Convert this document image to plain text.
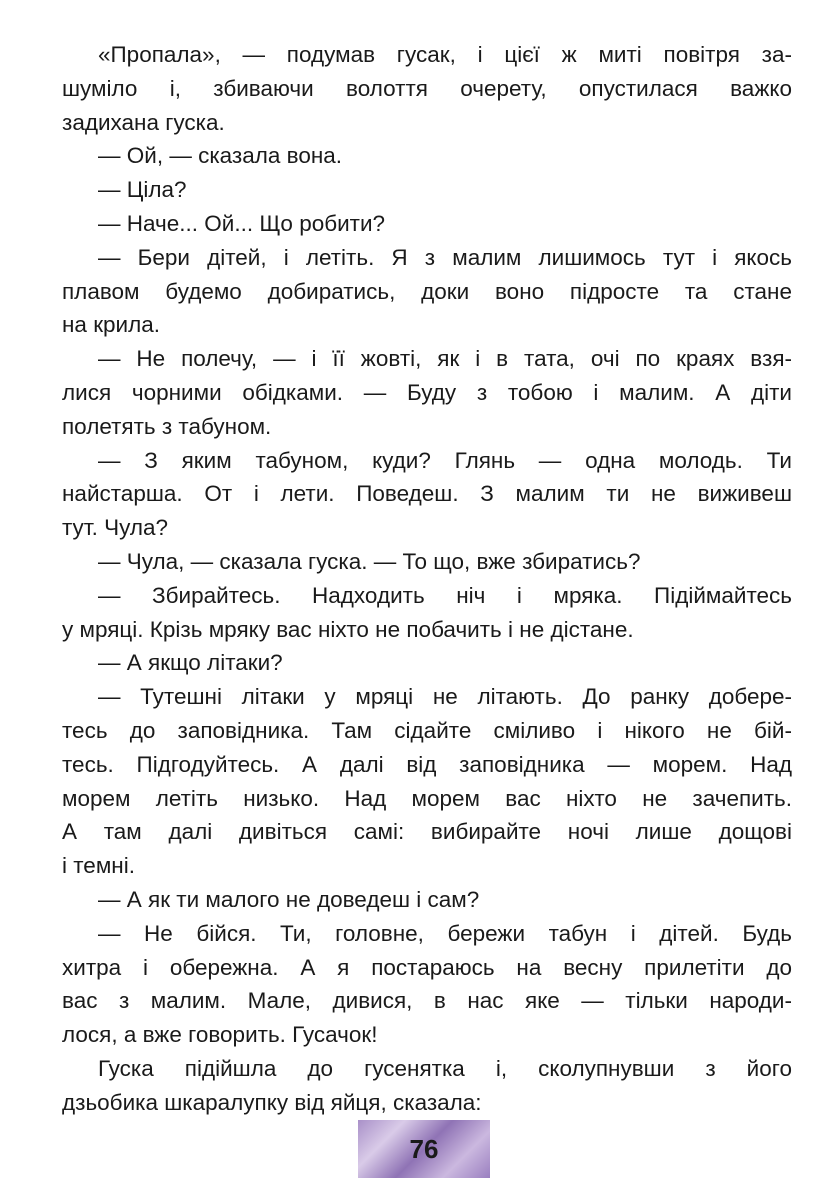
«Пропала», — подумав гусак, і цієї ж миті повітря за-
шуміло і, збиваючи волоття очерету, опустилася важко
задихана гуска.
— Ой, — сказала вона.
— Ціла?
— Наче... Ой... Що робити?
— Бери дітей, і летіть. Я з малим лишимось тут і якось
плавом будемо добиратись, доки воно підросте та стане
на крила.
— Не полечу, — і її жовті, як і в тата, очі по краях взя-
лися чорними обідками. — Буду з тобою і малим. А діти
полетять з табуном.
— З яким табуном, куди? Глянь — одна молодь. Ти
найстарша. От і лети. Поведеш. З малим ти не виживеш
тут. Чула?
— Чула, — сказала гуска. — То що, вже збиратись?
— Збирайтесь. Надходить ніч і мряка. Підіймайтесь
у мряці. Крізь мряку вас ніхто не побачить і не дістане.
— А якщо літаки?
— Тутешні літаки у мряці не літають. До ранку доберe-
тесь до заповідника. Там сідайте сміливо і нікого не бій-
тесь. Підгодуйтесь. А далі від заповідника — морем. Над
морем летіть низько. Над морем вас ніхто не зачепить.
А там далі дивіться самі: вибирайте ночі лише дощові
і темні.
— А як ти малого не доведеш і сам?
— Не бійся. Ти, головне, бережи табун і дітей. Будь
хитра і обережна. А я постараюсь на весну прилетіти до
вас з малим. Мале, дивися, в нас яке — тільки народи-
лося, а вже говорить. Гусачок!
Гуска підійшла до гусенятка і, сколупнувши з його
дзьобика шкаралупку від яйця, сказала:
76
